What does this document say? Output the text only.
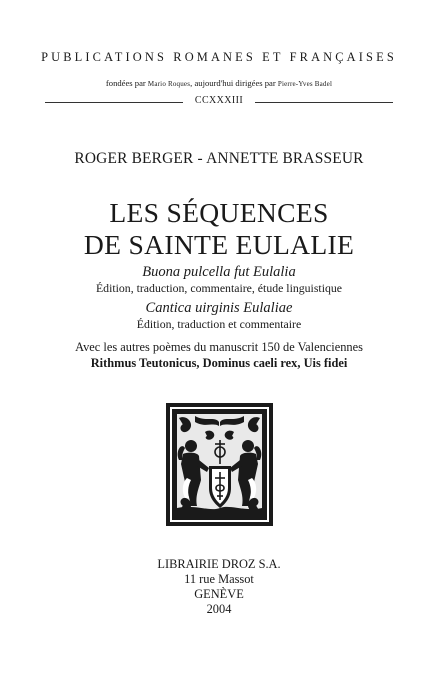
PUBLICATIONS ROMANES ET FRANÇAISES
fondées par Mario Roques, aujourd'hui dirigées par Pierre-Yves Badel
CCXXXIII
ROGER BERGER - ANNETTE BRASSEUR
LES SÉQUENCES
DE SAINTE EULALIE
Buona pulcella fut Eulalia
Édition, traduction, commentaire, étude linguistique
Cantica uirginis Eulaliae
Édition, traduction et commentaire
Avec les autres poèmes du manuscrit 150 de Valenciennes
Rithmus Teutonicus, Dominus caeli rex, Uis fidei
LIBRAIRIE DROZ S.A.
11 rue Massot
GENÈVE
2004
